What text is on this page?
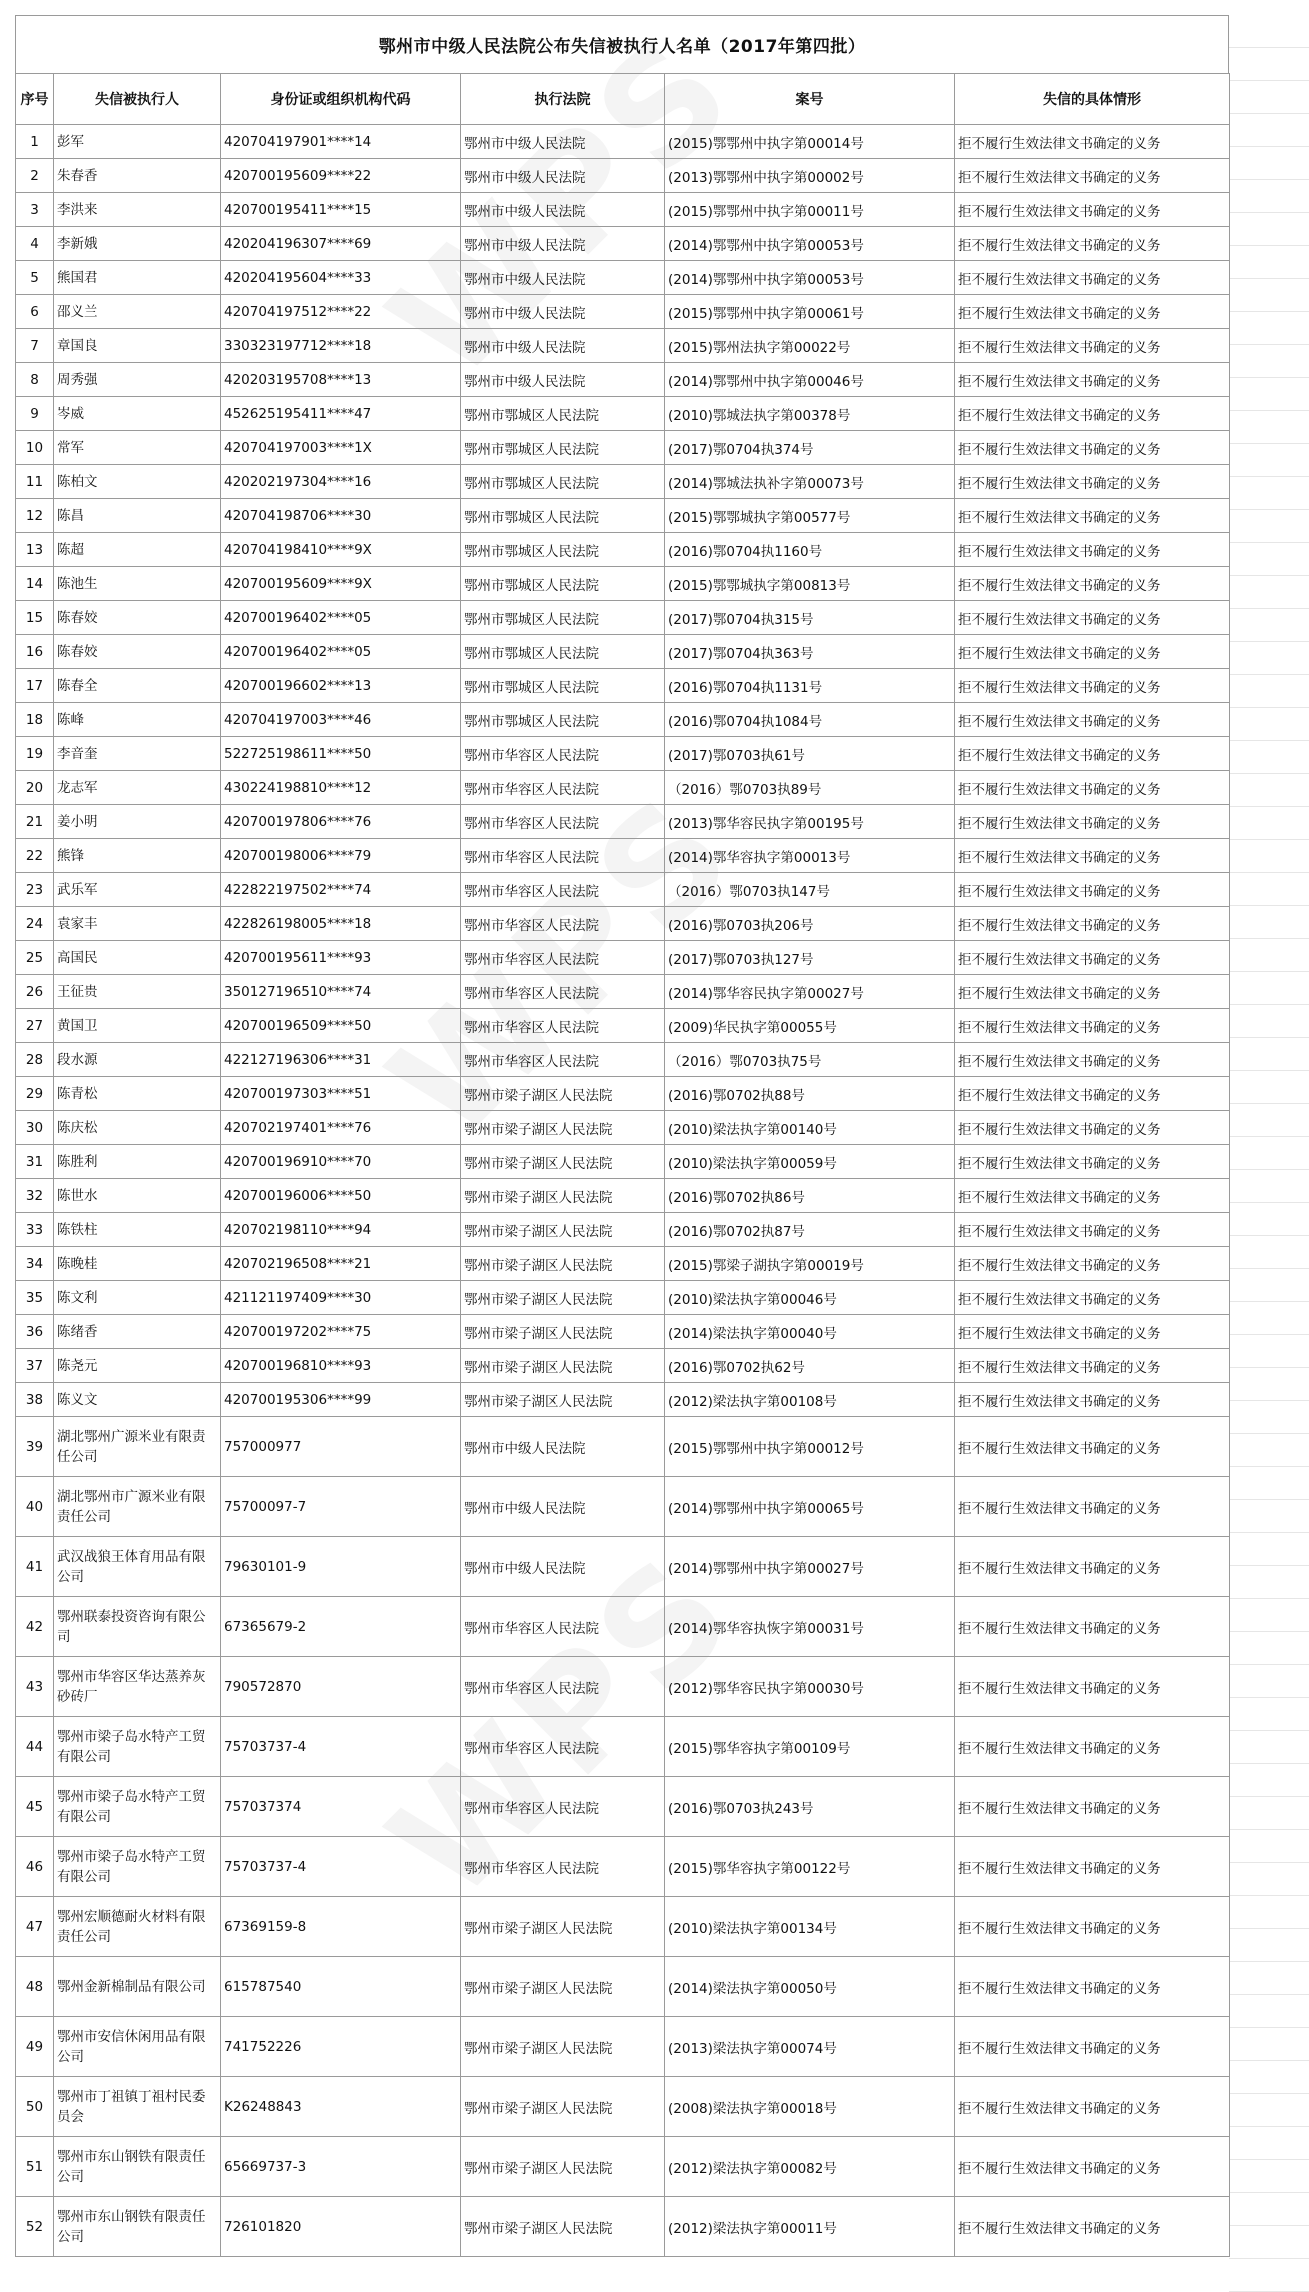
鄂州市中级人民法院公布失信被执行人名单（2017年第四批）
序号	失信被执行人	身份证或组织机构代码	执行法院	案号	失信的具体情形
1	彭军	420704197901****14	鄂州市中级人民法院	(2015)鄂鄂州中执字第00014号	拒不履行生效法律文书确定的义务
2	朱春香	420700195609****22	鄂州市中级人民法院	(2013)鄂鄂州中执字第00002号	拒不履行生效法律文书确定的义务
3	李洪来	420700195411****15	鄂州市中级人民法院	(2015)鄂鄂州中执字第00011号	拒不履行生效法律文书确定的义务
4	李新娥	420204196307****69	鄂州市中级人民法院	(2014)鄂鄂州中执字第00053号	拒不履行生效法律文书确定的义务
5	熊国君	420204195604****33	鄂州市中级人民法院	(2014)鄂鄂州中执字第00053号	拒不履行生效法律文书确定的义务
6	邵义兰	420704197512****22	鄂州市中级人民法院	(2015)鄂鄂州中执字第00061号	拒不履行生效法律文书确定的义务
7	章国良	330323197712****18	鄂州市中级人民法院	(2015)鄂州法执字第00022号	拒不履行生效法律文书确定的义务
8	周秀强	420203195708****13	鄂州市中级人民法院	(2014)鄂鄂州中执字第00046号	拒不履行生效法律文书确定的义务
9	岑威	452625195411****47	鄂州市鄂城区人民法院	(2010)鄂城法执字第00378号	拒不履行生效法律文书确定的义务
10	常军	420704197003****1X	鄂州市鄂城区人民法院	(2017)鄂0704执374号	拒不履行生效法律文书确定的义务
11	陈柏文	420202197304****16	鄂州市鄂城区人民法院	(2014)鄂城法执补字第00073号	拒不履行生效法律文书确定的义务
12	陈昌	420704198706****30	鄂州市鄂城区人民法院	(2015)鄂鄂城执字第00577号	拒不履行生效法律文书确定的义务
13	陈超	420704198410****9X	鄂州市鄂城区人民法院	(2016)鄂0704执1160号	拒不履行生效法律文书确定的义务
14	陈池生	420700195609****9X	鄂州市鄂城区人民法院	(2015)鄂鄂城执字第00813号	拒不履行生效法律文书确定的义务
15	陈春姣	420700196402****05	鄂州市鄂城区人民法院	(2017)鄂0704执315号	拒不履行生效法律文书确定的义务
16	陈春姣	420700196402****05	鄂州市鄂城区人民法院	(2017)鄂0704执363号	拒不履行生效法律文书确定的义务
17	陈春全	420700196602****13	鄂州市鄂城区人民法院	(2016)鄂0704执1131号	拒不履行生效法律文书确定的义务
18	陈峰	420704197003****46	鄂州市鄂城区人民法院	(2016)鄂0704执1084号	拒不履行生效法律文书确定的义务
19	李音奎	522725198611****50	鄂州市华容区人民法院	(2017)鄂0703执61号	拒不履行生效法律文书确定的义务
20	龙志军	430224198810****12	鄂州市华容区人民法院	（2016）鄂0703执89号	拒不履行生效法律文书确定的义务
21	姜小明	420700197806****76	鄂州市华容区人民法院	(2013)鄂华容民执字第00195号	拒不履行生效法律文书确定的义务
22	熊锋	420700198006****79	鄂州市华容区人民法院	(2014)鄂华容执字第00013号	拒不履行生效法律文书确定的义务
23	武乐军	422822197502****74	鄂州市华容区人民法院	（2016）鄂0703执147号	拒不履行生效法律文书确定的义务
24	袁家丰	422826198005****18	鄂州市华容区人民法院	(2016)鄂0703执206号	拒不履行生效法律文书确定的义务
25	高国民	420700195611****93	鄂州市华容区人民法院	(2017)鄂0703执127号	拒不履行生效法律文书确定的义务
26	王征贵	350127196510****74	鄂州市华容区人民法院	(2014)鄂华容民执字第00027号	拒不履行生效法律文书确定的义务
27	黄国卫	420700196509****50	鄂州市华容区人民法院	(2009)华民执字第00055号	拒不履行生效法律文书确定的义务
28	段水源	422127196306****31	鄂州市华容区人民法院	（2016）鄂0703执75号	拒不履行生效法律文书确定的义务
29	陈青松	420700197303****51	鄂州市梁子湖区人民法院	(2016)鄂0702执88号	拒不履行生效法律文书确定的义务
30	陈庆松	420702197401****76	鄂州市梁子湖区人民法院	(2010)梁法执字第00140号	拒不履行生效法律文书确定的义务
31	陈胜利	420700196910****70	鄂州市梁子湖区人民法院	(2010)梁法执字第00059号	拒不履行生效法律文书确定的义务
32	陈世水	420700196006****50	鄂州市梁子湖区人民法院	(2016)鄂0702执86号	拒不履行生效法律文书确定的义务
33	陈铁柱	420702198110****94	鄂州市梁子湖区人民法院	(2016)鄂0702执87号	拒不履行生效法律文书确定的义务
34	陈晚桂	420702196508****21	鄂州市梁子湖区人民法院	(2015)鄂梁子湖执字第00019号	拒不履行生效法律文书确定的义务
35	陈文利	421121197409****30	鄂州市梁子湖区人民法院	(2010)梁法执字第00046号	拒不履行生效法律文书确定的义务
36	陈绪香	420700197202****75	鄂州市梁子湖区人民法院	(2014)梁法执字第00040号	拒不履行生效法律文书确定的义务
37	陈尧元	420700196810****93	鄂州市梁子湖区人民法院	(2016)鄂0702执62号	拒不履行生效法律文书确定的义务
38	陈义文	420700195306****99	鄂州市梁子湖区人民法院	(2012)梁法执字第00108号	拒不履行生效法律文书确定的义务
39	湖北鄂州广源米业有限责任公司	757000977	鄂州市中级人民法院	(2015)鄂鄂州中执字第00012号	拒不履行生效法律文书确定的义务
40	湖北鄂州市广源米业有限责任公司	75700097-7	鄂州市中级人民法院	(2014)鄂鄂州中执字第00065号	拒不履行生效法律文书确定的义务
41	武汉战狼王体育用品有限公司	79630101-9	鄂州市中级人民法院	(2014)鄂鄂州中执字第00027号	拒不履行生效法律文书确定的义务
42	鄂州联泰投资咨询有限公司	67365679-2	鄂州市华容区人民法院	(2014)鄂华容执恢字第00031号	拒不履行生效法律文书确定的义务
43	鄂州市华容区华达蒸养灰砂砖厂	790572870	鄂州市华容区人民法院	(2012)鄂华容民执字第00030号	拒不履行生效法律文书确定的义务
44	鄂州市梁子岛水特产工贸有限公司	75703737-4	鄂州市华容区人民法院	(2015)鄂华容执字第00109号	拒不履行生效法律文书确定的义务
45	鄂州市梁子岛水特产工贸有限公司	757037374	鄂州市华容区人民法院	(2016)鄂0703执243号	拒不履行生效法律文书确定的义务
46	鄂州市梁子岛水特产工贸有限公司	75703737-4	鄂州市华容区人民法院	(2015)鄂华容执字第00122号	拒不履行生效法律文书确定的义务
47	鄂州宏顺德耐火材料有限责任公司	67369159-8	鄂州市梁子湖区人民法院	(2010)梁法执字第00134号	拒不履行生效法律文书确定的义务
48	鄂州金新棉制品有限公司	615787540	鄂州市梁子湖区人民法院	(2014)梁法执字第00050号	拒不履行生效法律文书确定的义务
49	鄂州市安信休闲用品有限公司	741752226	鄂州市梁子湖区人民法院	(2013)梁法执字第00074号	拒不履行生效法律文书确定的义务
50	鄂州市丁祖镇丁祖村民委员会	K26248843	鄂州市梁子湖区人民法院	(2008)梁法执字第00018号	拒不履行生效法律文书确定的义务
51	鄂州市东山钢铁有限责任公司	65669737-3	鄂州市梁子湖区人民法院	(2012)梁法执字第00082号	拒不履行生效法律文书确定的义务
52	鄂州市东山钢铁有限责任公司	726101820	鄂州市梁子湖区人民法院	(2012)梁法执字第00011号	拒不履行生效法律文书确定的义务
